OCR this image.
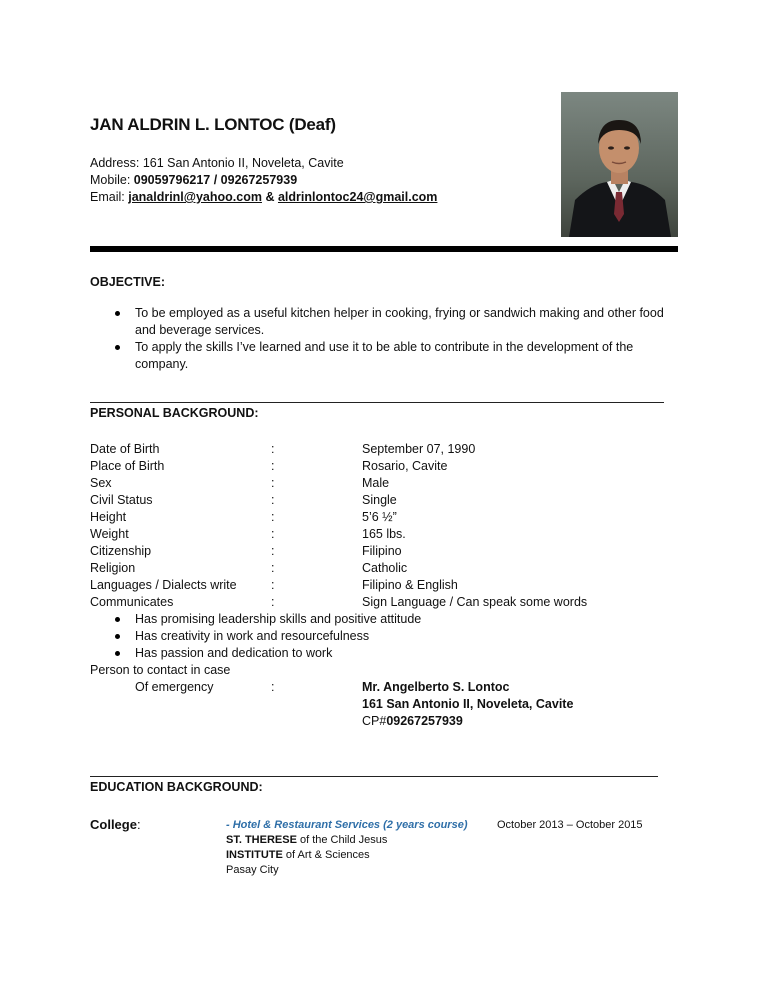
JAN ALDRIN L. LONTOC (Deaf)
Address: 161 San Antonio II, Noveleta, Cavite
Mobile: 09059796217 / 09267257939
Email: janaldrinl@yahoo.com & aldrinlontoc24@gmail.com
OBJECTIVE:
To be employed as a useful kitchen helper in cooking, frying or sandwich making and other food and beverage services.
To apply the skills I’ve learned and use it to be able to contribute in the development of the company.
PERSONAL BACKGROUND:
Date of Birth	:	September 07, 1990
Place of Birth	:	Rosario, Cavite
Sex	:	Male
Civil Status	:	Single
Height	:	5’6 ½”
Weight	:	165 lbs.
Citizenship	:	Filipino
Religion	:	Catholic
Languages / Dialects write	:	Filipino & English
Communicates	:	Sign Language / Can speak some words
Has promising leadership skills and positive attitude
Has creativity in work and resourcefulness
Has passion and dedication to work
Person to contact in case
Of emergency	:	Mr. Angelberto S. Lontoc
161 San Antonio II, Noveleta, Cavite
CP#09267257939
EDUCATION BACKGROUND:
College:	- Hotel & Restaurant Services (2 years course)	October 2013 – October 2015
ST. THERESE of the Child Jesus
INSTITUTE of Art & Sciences
Pasay City
